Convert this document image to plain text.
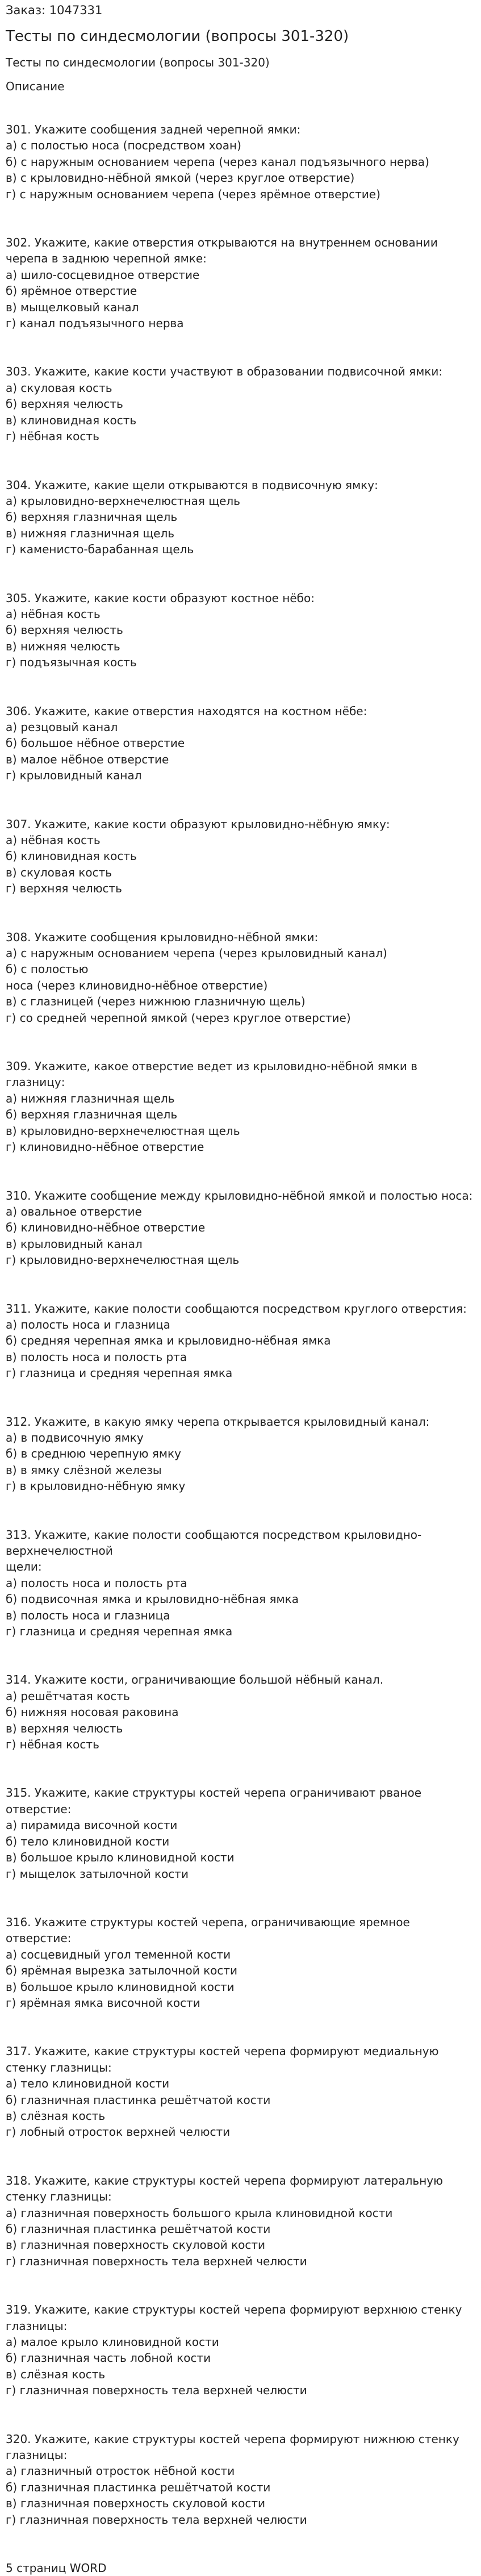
Заказ: 1047331
Тесты по синдесмологии (вопросы 301-320)
Тесты по синдесмологии (вопросы 301-320)
Описание
301. Укажите сообщения задней черепной ямки:
а) с полостью носа (посредством хоан)
б) с наружным основанием черепа (через канал подъязычного нерва)
в) с крыловидно-нёбной ямкой (через круглое отверстие)
г) с наружным основанием черепа (через ярёмное отверстие)
302. Укажите, какие отверстия открываются на внутреннем основании черепа в заднюю черепной ямке:
а) шило-сосцевидное отверстие
б) ярёмное отверстие
в) мыщелковый канал
г) канал подъязычного нерва
303. Укажите, какие кости участвуют в образовании подвисочной ямки:
а) скуловая кость
б) верхняя челюсть
в) клиновидная кость
г) нёбная кость
304. Укажите, какие щели открываются в подвисочную ямку:
а) крыловидно-верхнечелюстная щель
б) верхняя глазничная щель
в) нижняя глазничная щель
г) каменисто-барабанная щель
305. Укажите, какие кости образуют костное нёбо:
а) нёбная кость
б) верхняя челюсть
в) нижняя челюсть
г) подъязычная кость
306. Укажите, какие отверстия находятся на костном нёбе:
а) резцовый канал
б) большое нёбное отверстие
в) малое нёбное отверстие
г) крыловидный канал
307. Укажите, какие кости образуют крыловидно-нёбную ямку:
а) нёбная кость
б) клиновидная кость
в) скуловая кость
г) верхняя челюсть
308. Укажите сообщения крыловидно-нёбной ямки:
а) с наружным основанием черепа (через крыловидный канал)
б) с полостью
носа (через клиновидно-нёбное отверстие)
в) с глазницей (через нижнюю глазничную щель)
г) со средней черепной ямкой (через круглое отверстие)
309. Укажите, какое отверстие ведет из крыловидно-нёбной ямки в глазницу:
а) нижняя глазничная щель
б) верхняя глазничная щель
в) крыловидно-верхнечелюстная щель
г) клиновидно-нёбное отверстие
310. Укажите сообщение между крыловидно-нёбной ямкой и полостью носа:
а) овальное отверстие
б) клиновидно-нёбное отверстие
в) крыловидный канал
г) крыловидно-верхнечелюстная щель
311. Укажите, какие полости сообщаются посредством круглого отверстия:
а) полость носа и глазница
б) средняя черепная ямка и крыловидно-нёбная ямка
в) полость носа и полость рта
г) глазница и средняя черепная ямка
312. Укажите, в какую ямку черепа открывается крыловидный канал:
а) в подвисочную ямку
б) в среднюю черепную ямку
в) в ямку слёзной железы
г) в крыловидно-нёбную ямку
313. Укажите, какие полости сообщаются посредством крыловидно-верхнечелюстной
щели:
а) полость носа и полость рта
б) подвисочная ямка и крыловидно-нёбная ямка
в) полость носа и глазница
г) глазница и средняя черепная ямка
314. Укажите кости, ограничивающие большой нёбный канал.
а) решётчатая кость
б) нижняя носовая раковина
в) верхняя челюсть
г) нёбная кость
315. Укажите, какие структуры костей черепа ограничивают рваное отверстие:
а) пирамида височной кости
б) тело клиновидной кости
в) большое крыло клиновидной кости
г) мыщелок затылочной кости
316. Укажите структуры костей черепа, ограничивающие яремное отверстие:
а) сосцевидный угол теменной кости
б) ярёмная вырезка затылочной кости
в) большое крыло клиновидной кости
г) ярёмная ямка височной кости
317. Укажите, какие структуры костей черепа формируют медиальную стенку глазницы:
а) тело клиновидной кости
б) глазничная пластинка решётчатой кости
в) слёзная кость
г) лобный отросток верхней челюсти
318. Укажите, какие структуры костей черепа формируют латеральную стенку глазницы:
а) глазничная поверхность большого крыла клиновидной кости
б) глазничная пластинка решётчатой кости
в) глазничная поверхность скуловой кости
г) глазничная поверхность тела верхней челюсти
319. Укажите, какие структуры костей черепа формируют верхнюю стенку глазницы:
а) малое крыло клиновидной кости
б) глазничная часть лобной кости
в) слёзная кость
г) глазничная поверхность тела верхней челюсти
320. Укажите, какие структуры костей черепа формируют нижнюю стенку глазницы:
а) глазничный отросток нёбной кости
б) глазничная пластинка решётчатой кости
в) глазничная поверхность скуловой кости
г) глазничная поверхность тела верхней челюсти
5 страниц WORD
